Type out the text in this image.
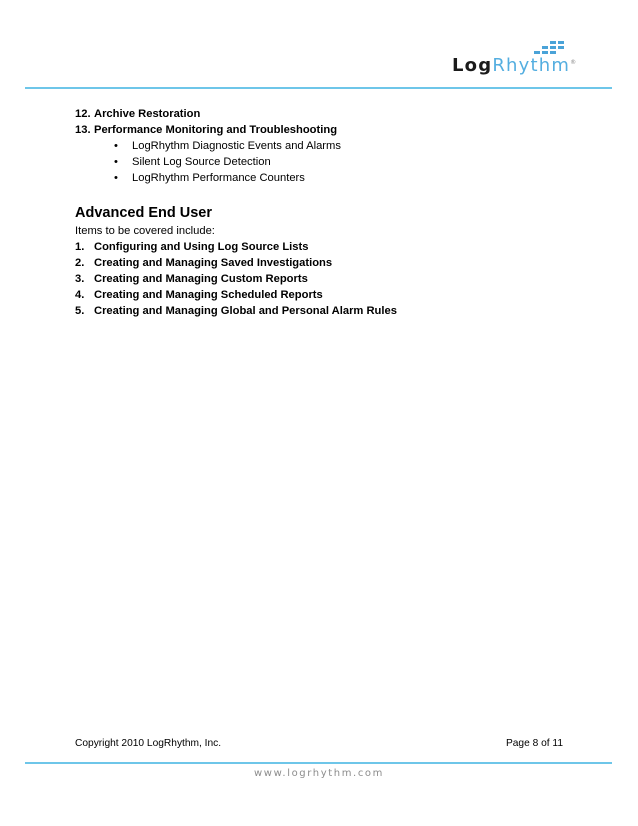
LogRhythm®
12. Archive Restoration
13. Performance Monitoring and Troubleshooting
• LogRhythm Diagnostic Events and Alarms
• Silent Log Source Detection
• LogRhythm Performance Counters
Advanced End User
Items to be covered include:
1. Configuring and Using Log Source Lists
2. Creating and Managing Saved Investigations
3. Creating and Managing Custom Reports
4. Creating and Managing Scheduled Reports
5. Creating and Managing Global and Personal Alarm Rules
Copyright 2010 LogRhythm, Inc.	Page 8 of 11
www.logrhythm.com
